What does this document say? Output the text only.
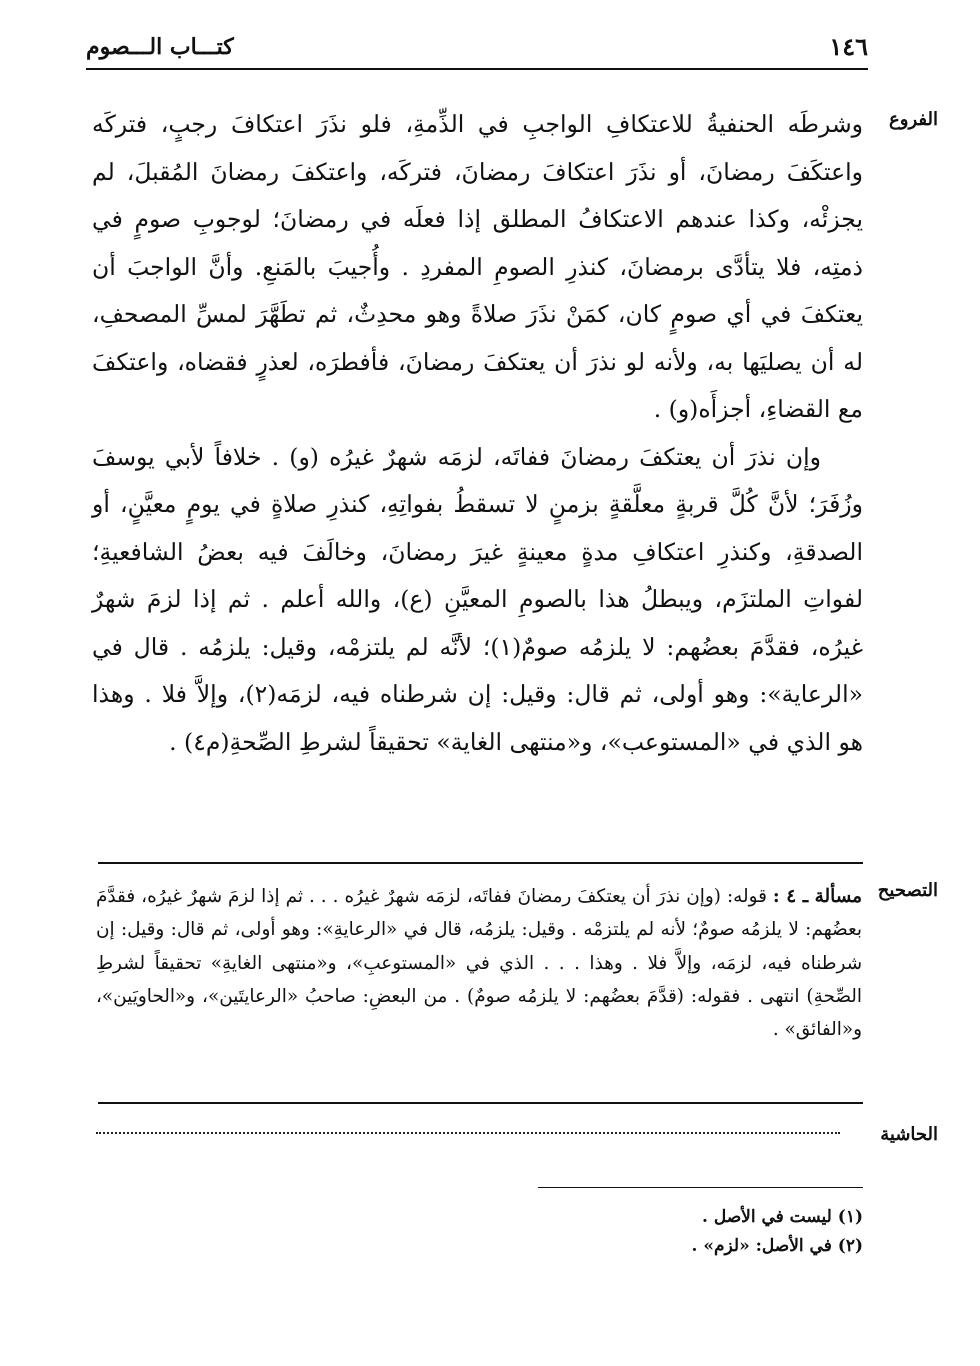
١٤٦
كتـــاب الـــصوم
الفروع

وشرطَه الحنفيةُ للاعتكافِ الواجبِ في الذِّمةِ، فلو نذَرَ اعتكافَ رجبٍ، فتركَه واعتكَفَ رمضانَ، أو نذَرَ اعتكافَ رمضانَ، فتركَه، واعتكفَ رمضانَ المُقبلَ، لم يجزئْه، وكذا عندهم الاعتكافُ المطلق إذا فعلَه في رمضانَ؛ لوجوبِ صومٍ في ذمتِه، فلا يتأدَّى برمضانَ، كنذرِ الصومِ المفردِ . وأُجيبَ بالمَنعِ. وأنَّ الواجبَ أن يعتكفَ في أي صومٍ كان، كمَنْ نذَرَ صلاةً وهو محدِثٌ، ثم تطَهَّرَ لمسِّ المصحفِ، له أن يصليَها به، ولأنه لو نذرَ أن يعتكفَ رمضانَ، فأفطرَه، لعذرٍ فقضاه، واعتكفَ مع القضاءِ، أجزأَه(و) .

وإن نذرَ أن يعتكفَ رمضانَ ففاتَه، لزمَه شهرٌ غيرُه (و) . خلافاً لأبي يوسفَ وزُفَرَ؛ لأنَّ كُلَّ قربةٍ معلَّقةٍ بزمنٍ لا تسقطُ بفواتِهِ، كنذرِ صلاةٍ في يومٍ معيَّنٍ، أو الصدقةِ، وكنذرِ اعتكافِ مدةٍ معينةٍ غيرَ رمضانَ، وخالَفَ فيه بعضُ الشافعيةِ؛ لفواتِ الملتزَم، ويبطلُ هذا بالصومِ المعيَّنِ (ع)، والله أعلم . ثم إذا لزمَ شهرٌ غيرُه، فقدَّمَ بعضُهم: لا يلزمُه صومٌ(١)؛ لأنَّه لم يلتزمْه، وقيل: يلزمُه . قال في «الرعاية»: وهو أولى، ثم قال: وقيل: إن شرطناه فيه، لزمَه(٢)، وإلاَّ فلا . وهذا هو الذي في «المستوعب»، و«منتهى الغاية» تحقيقاً لشرطِ الصِّحةِ(م٤) .

التصحيح
مسألة ـ ٤ : قوله: (وإن نذرَ أن يعتكفَ رمضانَ ففاتَه، لزمَه شهرٌ غيرُه . . . ثم إذا لزمَ شهرٌ غيرُه، فقدَّمَ بعضُهم: لا يلزمُه صومٌ؛ لأنه لم يلتزمْه . وقيل: يلزمُه، قال في «الرعايةِ»: وهو أولى، ثم قال: وقيل: إن شرطناه فيه، لزمَه، وإلاَّ فلا . وهذا . . . الذي في «المستوعبِ»، و«منتهى الغايةِ» تحقيقاً لشرطِ الصِّحةِ) انتهى . فقوله: (قدَّمَ بعضُهم: لا يلزمُه صومٌ) . من البعضِ: صاحبُ «الرعايتَين»، و«الحاويَين»، و«الفائق» .
الحاشية
(١) ليست في الأصل .
(٢) في الأصل: «لزم» .
